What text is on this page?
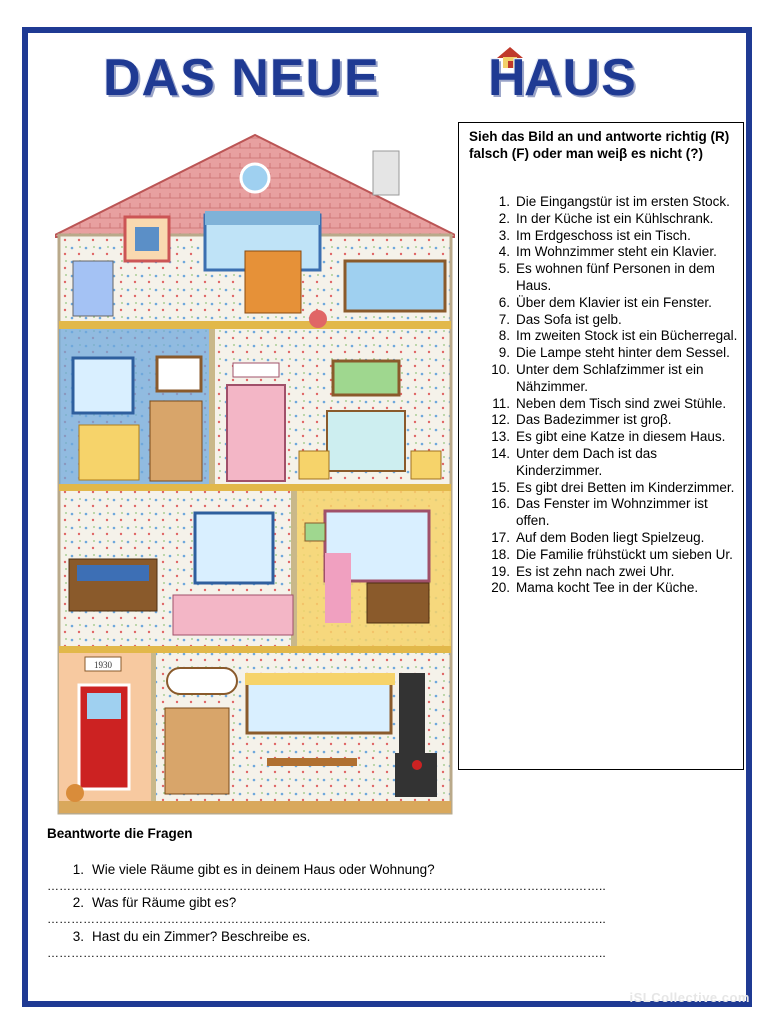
DAS NEUE H
AUS
1930
Sieh das Bild an und antworte richtig (R) falsch (F) oder man weiβ es nicht (?)
1. Die Eingangstür ist im ersten Stock.
2. In der Küche ist ein Kühlschrank.
3. Im Erdgeschoss ist ein Tisch.
4. Im Wohnzimmer steht ein Klavier.
5. Es wohnen fünf Personen in dem Haus.
6. Über dem Klavier ist ein Fenster.
7. Das Sofa ist gelb.
8. Im zweiten Stock ist ein Bücherregal.
9. Die Lampe steht hinter dem Sessel.
10. Unter dem Schlafzimmer ist ein Nähzimmer.
11. Neben dem Tisch sind zwei Stühle.
12. Das Badezimmer ist groβ.
13. Es gibt eine Katze in diesem Haus.
14. Unter dem Dach ist das Kinderzimmer.
15. Es gibt drei Betten im Kinderzimmer.
16. Das Fenster im Wohnzimmer ist offen.
17. Auf dem Boden liegt Spielzeug.
18. Die Familie frühstückt um sieben Ur.
19. Es ist zehn nach zwei Uhr.
20. Mama kocht Tee in der Küche.
Beantworte die Fragen
1. Wie viele Räume gibt es in deinem Haus oder Wohnung?
…………………………………………………………………………………………………………………………..
2. Was für Räume gibt es?
…………………………………………………………………………………………………………………………..
3. Hast du ein Zimmer? Beschreibe es.
…………………………………………………………………………………………………………………………..
iSLCollective.com
